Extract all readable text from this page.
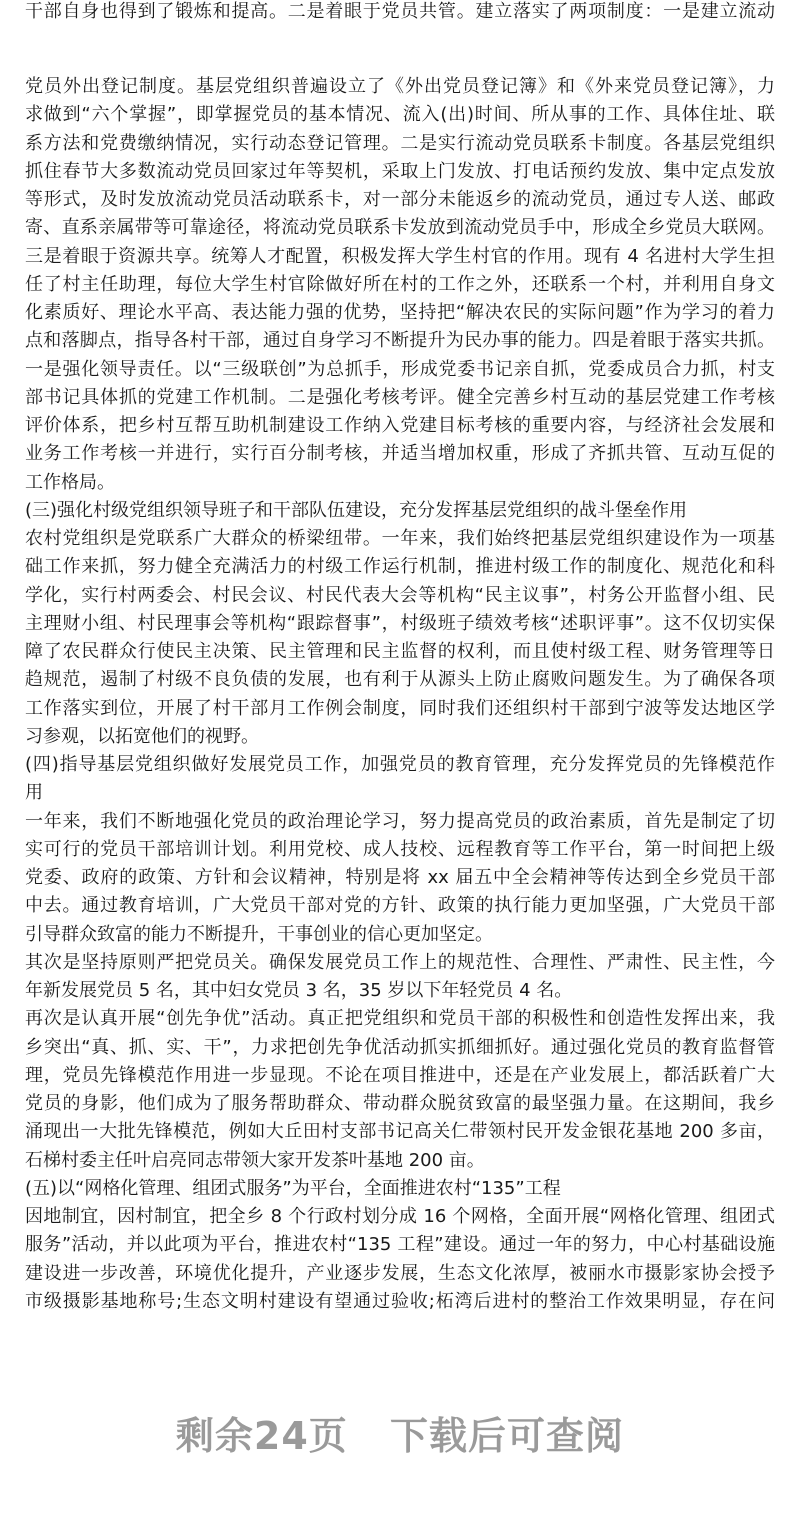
干部自身也得到了锻炼和提高。二是着眼于党员共管。建立落实了两项制度：一是建立流动
党员外出登记制度。基层党组织普遍设立了《外出党员登记簿》和《外来党员登记簿》，力
求做到“六个掌握”，即掌握党员的基本情况、流入(出)时间、所从事的工作、具体住址、联
系方法和党费缴纳情况，实行动态登记管理。二是实行流动党员联系卡制度。各基层党组织
抓住春节大多数流动党员回家过年等契机，采取上门发放、打电话预约发放、集中定点发放
等形式，及时发放流动党员活动联系卡，对一部分未能返乡的流动党员，通过专人送、邮政
寄、直系亲属带等可靠途径，将流动党员联系卡发放到流动党员手中，形成全乡党员大联网。
三是着眼于资源共享。统筹人才配置，积极发挥大学生村官的作用。现有 4 名进村大学生担
任了村主任助理，每位大学生村官除做好所在村的工作之外，还联系一个村，并利用自身文
化素质好、理论水平高、表达能力强的优势，坚持把“解决农民的实际问题”作为学习的着力
点和落脚点，指导各村干部，通过自身学习不断提升为民办事的能力。四是着眼于落实共抓。
一是强化领导责任。以“三级联创”为总抓手，形成党委书记亲自抓，党委成员合力抓，村支
部书记具体抓的党建工作机制。二是强化考核考评。健全完善乡村互动的基层党建工作考核
评价体系，把乡村互帮互助机制建设工作纳入党建目标考核的重要内容，与经济社会发展和
业务工作考核一并进行，实行百分制考核，并适当增加权重，形成了齐抓共管、互动互促的
工作格局。
(三)强化村级党组织领导班子和干部队伍建设，充分发挥基层党组织的战斗堡垒作用
农村党组织是党联系广大群众的桥梁纽带。一年来，我们始终把基层党组织建设作为一项基
础工作来抓，努力健全充满活力的村级工作运行机制，推进村级工作的制度化、规范化和科
学化，实行村两委会、村民会议、村民代表大会等机构“民主议事”，村务公开监督小组、民
主理财小组、村民理事会等机构“跟踪督事”，村级班子绩效考核“述职评事”。这不仅切实保
障了农民群众行使民主决策、民主管理和民主监督的权利，而且使村级工程、财务管理等日
趋规范，遏制了村级不良负债的发展，也有利于从源头上防止腐败问题发生。为了确保各项
工作落实到位，开展了村干部月工作例会制度，同时我们还组织村干部到宁波等发达地区学
习参观，以拓宽他们的视野。
(四)指导基层党组织做好发展党员工作，加强党员的教育管理，充分发挥党员的先锋模范作
用
一年来，我们不断地强化党员的政治理论学习，努力提高党员的政治素质，首先是制定了切
实可行的党员干部培训计划。利用党校、成人技校、远程教育等工作平台，第一时间把上级
党委、政府的政策、方针和会议精神，特别是将 xx 届五中全会精神等传达到全乡党员干部
中去。通过教育培训，广大党员干部对党的方针、政策的执行能力更加坚强，广大党员干部
引导群众致富的能力不断提升，干事创业的信心更加坚定。
其次是坚持原则严把党员关。确保发展党员工作上的规范性、合理性、严肃性、民主性，今
年新发展党员 5 名，其中妇女党员 3 名，35 岁以下年轻党员 4 名。
再次是认真开展“创先争优”活动。真正把党组织和党员干部的积极性和创造性发挥出来，我
乡突出“真、抓、实、干”，力求把创先争优活动抓实抓细抓好。通过强化党员的教育监督管
理，党员先锋模范作用进一步显现。不论在项目推进中，还是在产业发展上，都活跃着广大
党员的身影，他们成为了服务帮助群众、带动群众脱贫致富的最坚强力量。在这期间，我乡
涌现出一大批先锋模范，例如大丘田村支部书记高关仁带领村民开发金银花基地 200 多亩，
石梯村委主任叶启亮同志带领大家开发茶叶基地 200 亩。
(五)以“网格化管理、组团式服务”为平台，全面推进农村“135”工程
因地制宜，因村制宜，把全乡 8 个行政村划分成 16 个网格，全面开展“网格化管理、组团式
服务”活动，并以此项为平台，推进农村“135 工程”建设。通过一年的努力，中心村基础设施
建设进一步改善，环境优化提升，产业逐步发展，生态文化浓厚，被丽水市摄影家协会授予
市级摄影基地称号;生态文明村建设有望通过验收;柘湾后进村的整治工作效果明显，存在问
剩余24页 下载后可查阅
